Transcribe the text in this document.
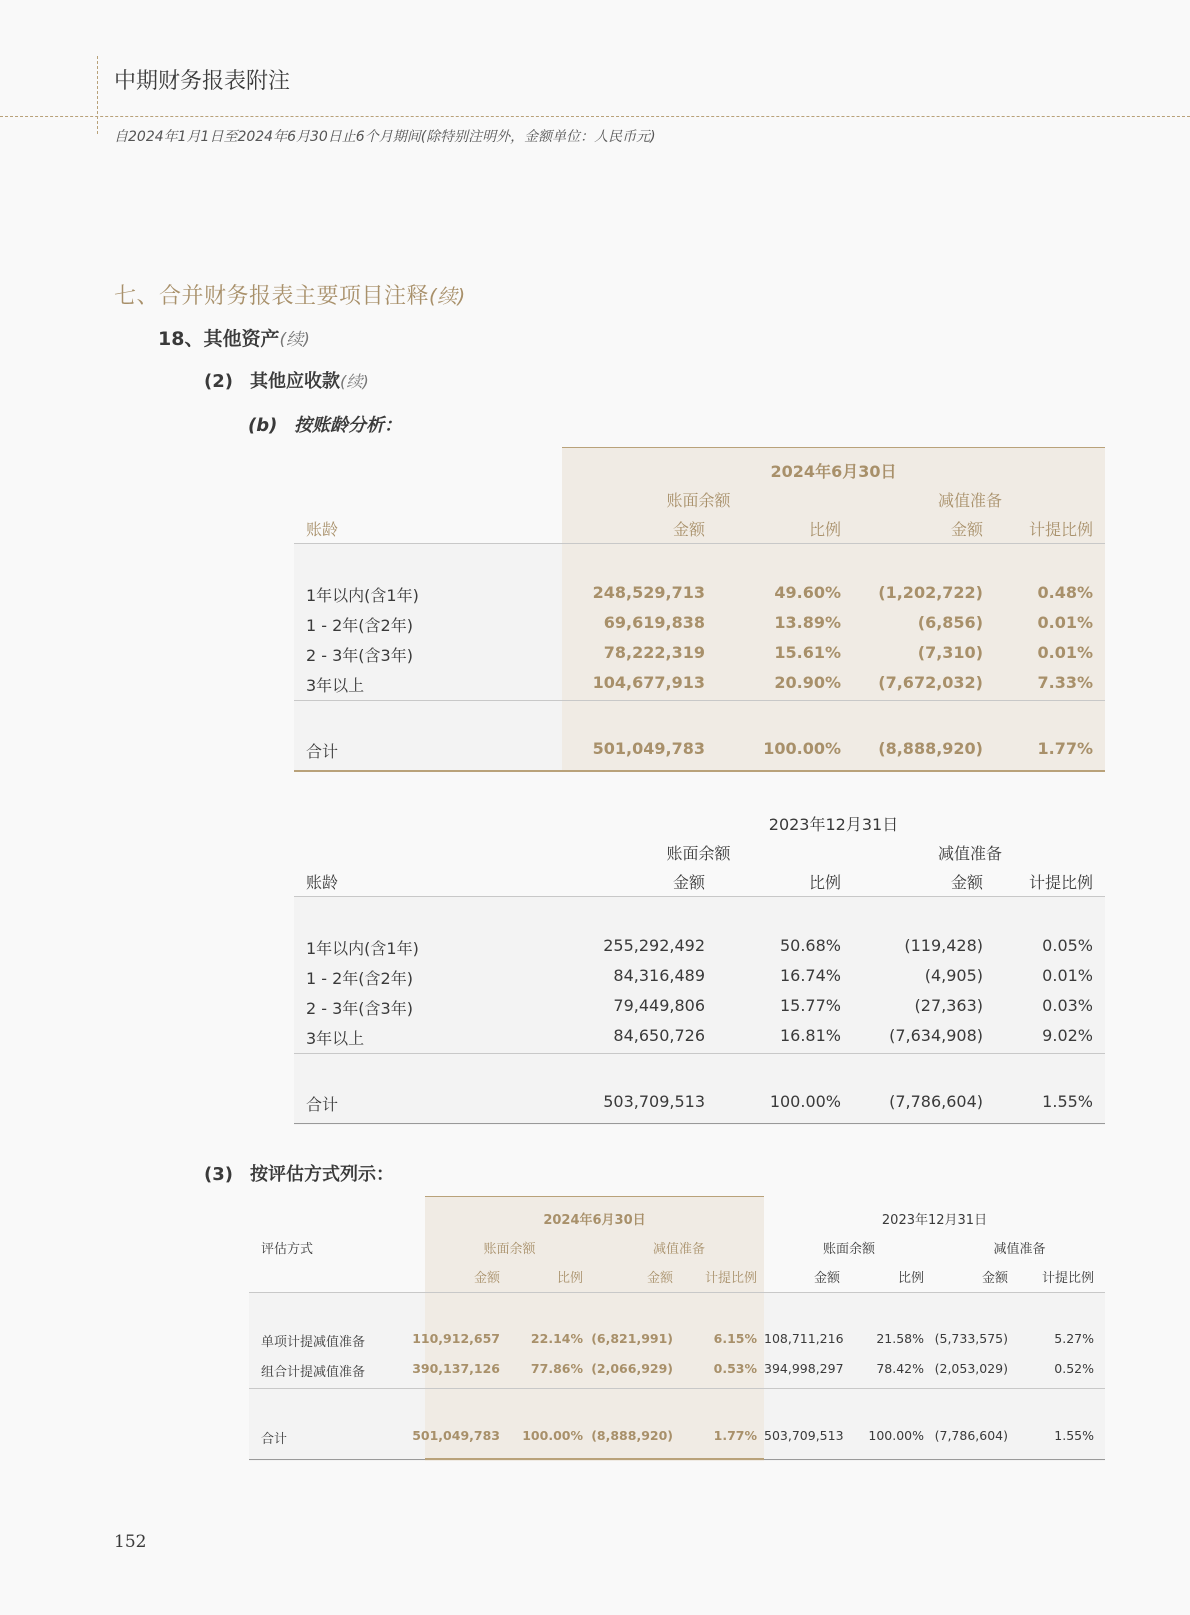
中期财务报表附注
自2024年1月1日至2024年6月30日止6个月期间(除特别注明外，金额单位：人民币元)
七、合并财务报表主要项目注释(续)
18、其他资产(续)
(2) 其他应收款(续)
(b) 按账龄分析：
2024年6月30日
账面余额	减值准备
账龄	金额	比例	金额	计提比例
1年以内(含1年)	248,529,713	49.60%	(1,202,722)	0.48%
1 - 2年(含2年)	69,619,838	13.89%	(6,856)	0.01%
2 - 3年(含3年)	78,222,319	15.61%	(7,310)	0.01%
3年以上	104,677,913	20.90%	(7,672,032)	7.33%
合计	501,049,783	100.00%	(8,888,920)	1.77%
2023年12月31日
账面余额	减值准备
账龄	金额	比例	金额	计提比例
1年以内(含1年)	255,292,492	50.68%	(119,428)	0.05%
1 - 2年(含2年)	84,316,489	16.74%	(4,905)	0.01%
2 - 3年(含3年)	79,449,806	15.77%	(27,363)	0.03%
3年以上	84,650,726	16.81%	(7,634,908)	9.02%
合计	503,709,513	100.00%	(7,786,604)	1.55%
(3) 按评估方式列示：
2024年6月30日	2023年12月31日
账面余额	减值准备	账面余额	减值准备
评估方式
金额	比例	金额	计提比例	金额	比例	金额	计提比例
单项计提减值准备	110,912,657	22.14% (6,821,991)	6.15% 108,711,216	21.58% (5,733,575)	5.27%
组合计提减值准备	390,137,126	77.86% (2,066,929)	0.53% 394,998,297	78.42% (2,053,029)	0.52%
合计	501,049,783	100.00% (8,888,920)	1.77% 503,709,513	100.00% (7,786,604)	1.55%
152
